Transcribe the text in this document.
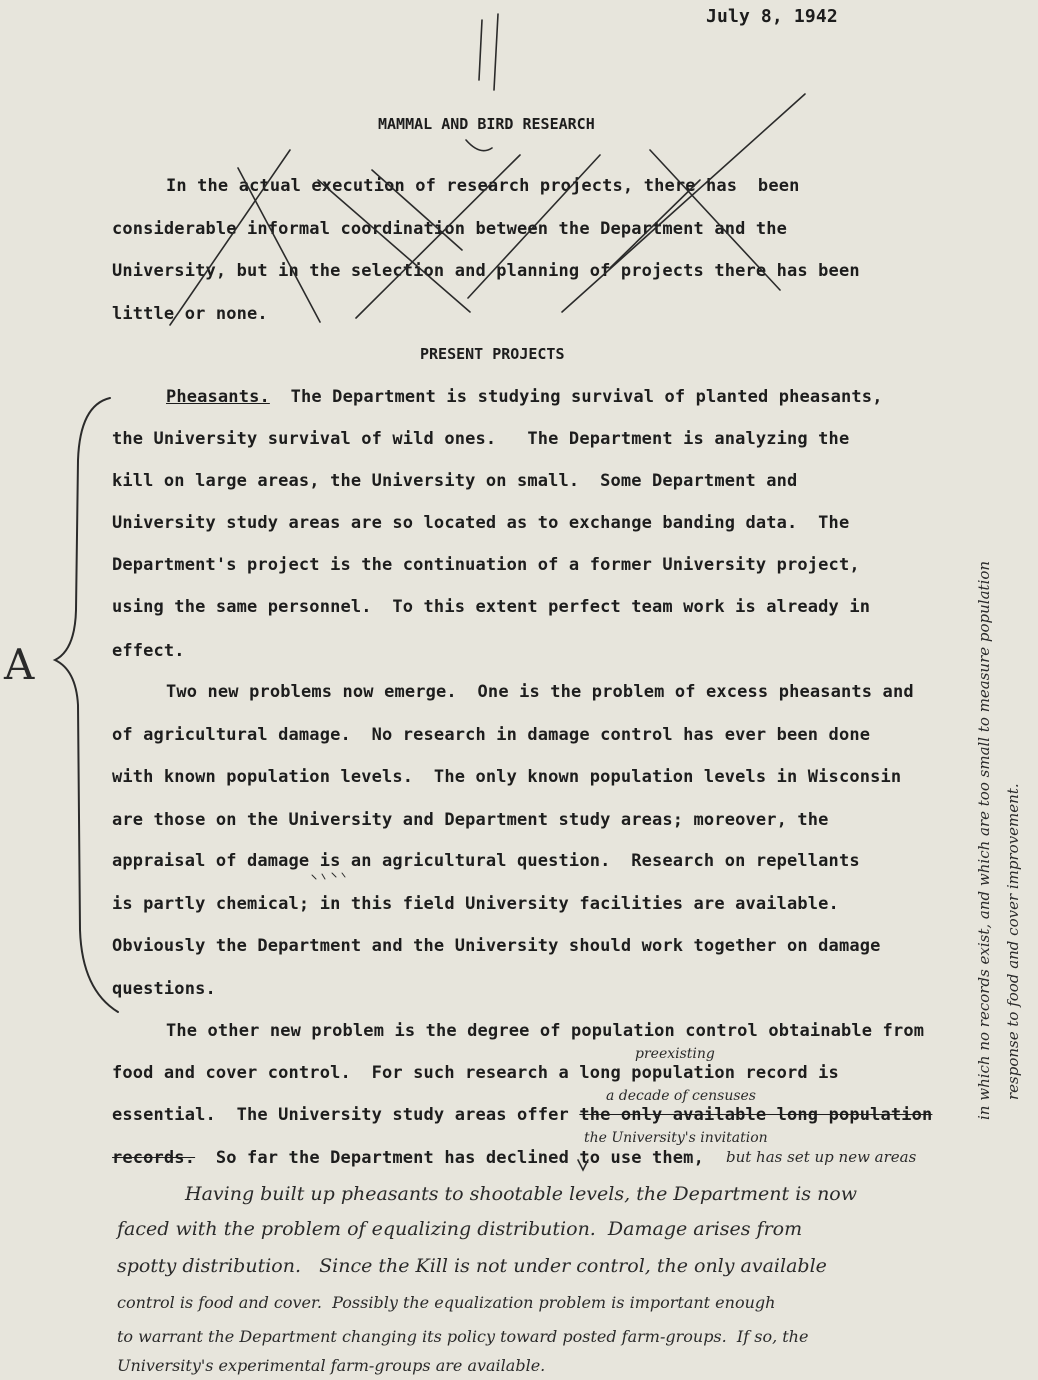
July 8, 1942
MAMMAL AND BIRD RESEARCH
In the actual execution of research projects, there has  been
considerable informal coordination between the Department and the
University, but in the selection and planning of projects there has been
little or none.
PRESENT PROJECTS
Pheasants. The Department is studying survival of planted pheasants,
the University survival of wild ones.   The Department is analyzing the
kill on large areas, the University on small.  Some Department and
University study areas are so located as to exchange banding data.  The
Department's project is the continuation of a former University project,
using the same personnel.  To this extent perfect team work is already in
effect.
Two new problems now emerge.  One is the problem of excess pheasants and
of agricultural damage.  No research in damage control has ever been done
with known population levels.  The only known population levels in Wisconsin
are those on the University and Department study areas; moreover, the
appraisal of damage is an agricultural question.  Research on repellants
is partly chemical; in this field University facilities are available.
Obviously the Department and the University should work together on damage
questions.
The other new problem is the degree of population control obtainable from
food and cover control.  For such research a long population record is
essential.  The University study areas offer the only available long population
records.  So far the Department has declined to use them,
preexisting
a decade of censuses
the University's invitation
but has set up new areas
Having built up pheasants to shootable levels, the Department is now
faced with the problem of equalizing distribution.  Damage arises from
spotty distribution.   Since the Kill is not under control, the only available
control is food and cover.  Possibly the equalization problem is important enough
to warrant the Department changing its policy toward posted farm-groups.  If so, the
University's experimental farm-groups are available.
in which no records exist, and which are too small to measure population response to food and cover improvement.
A
